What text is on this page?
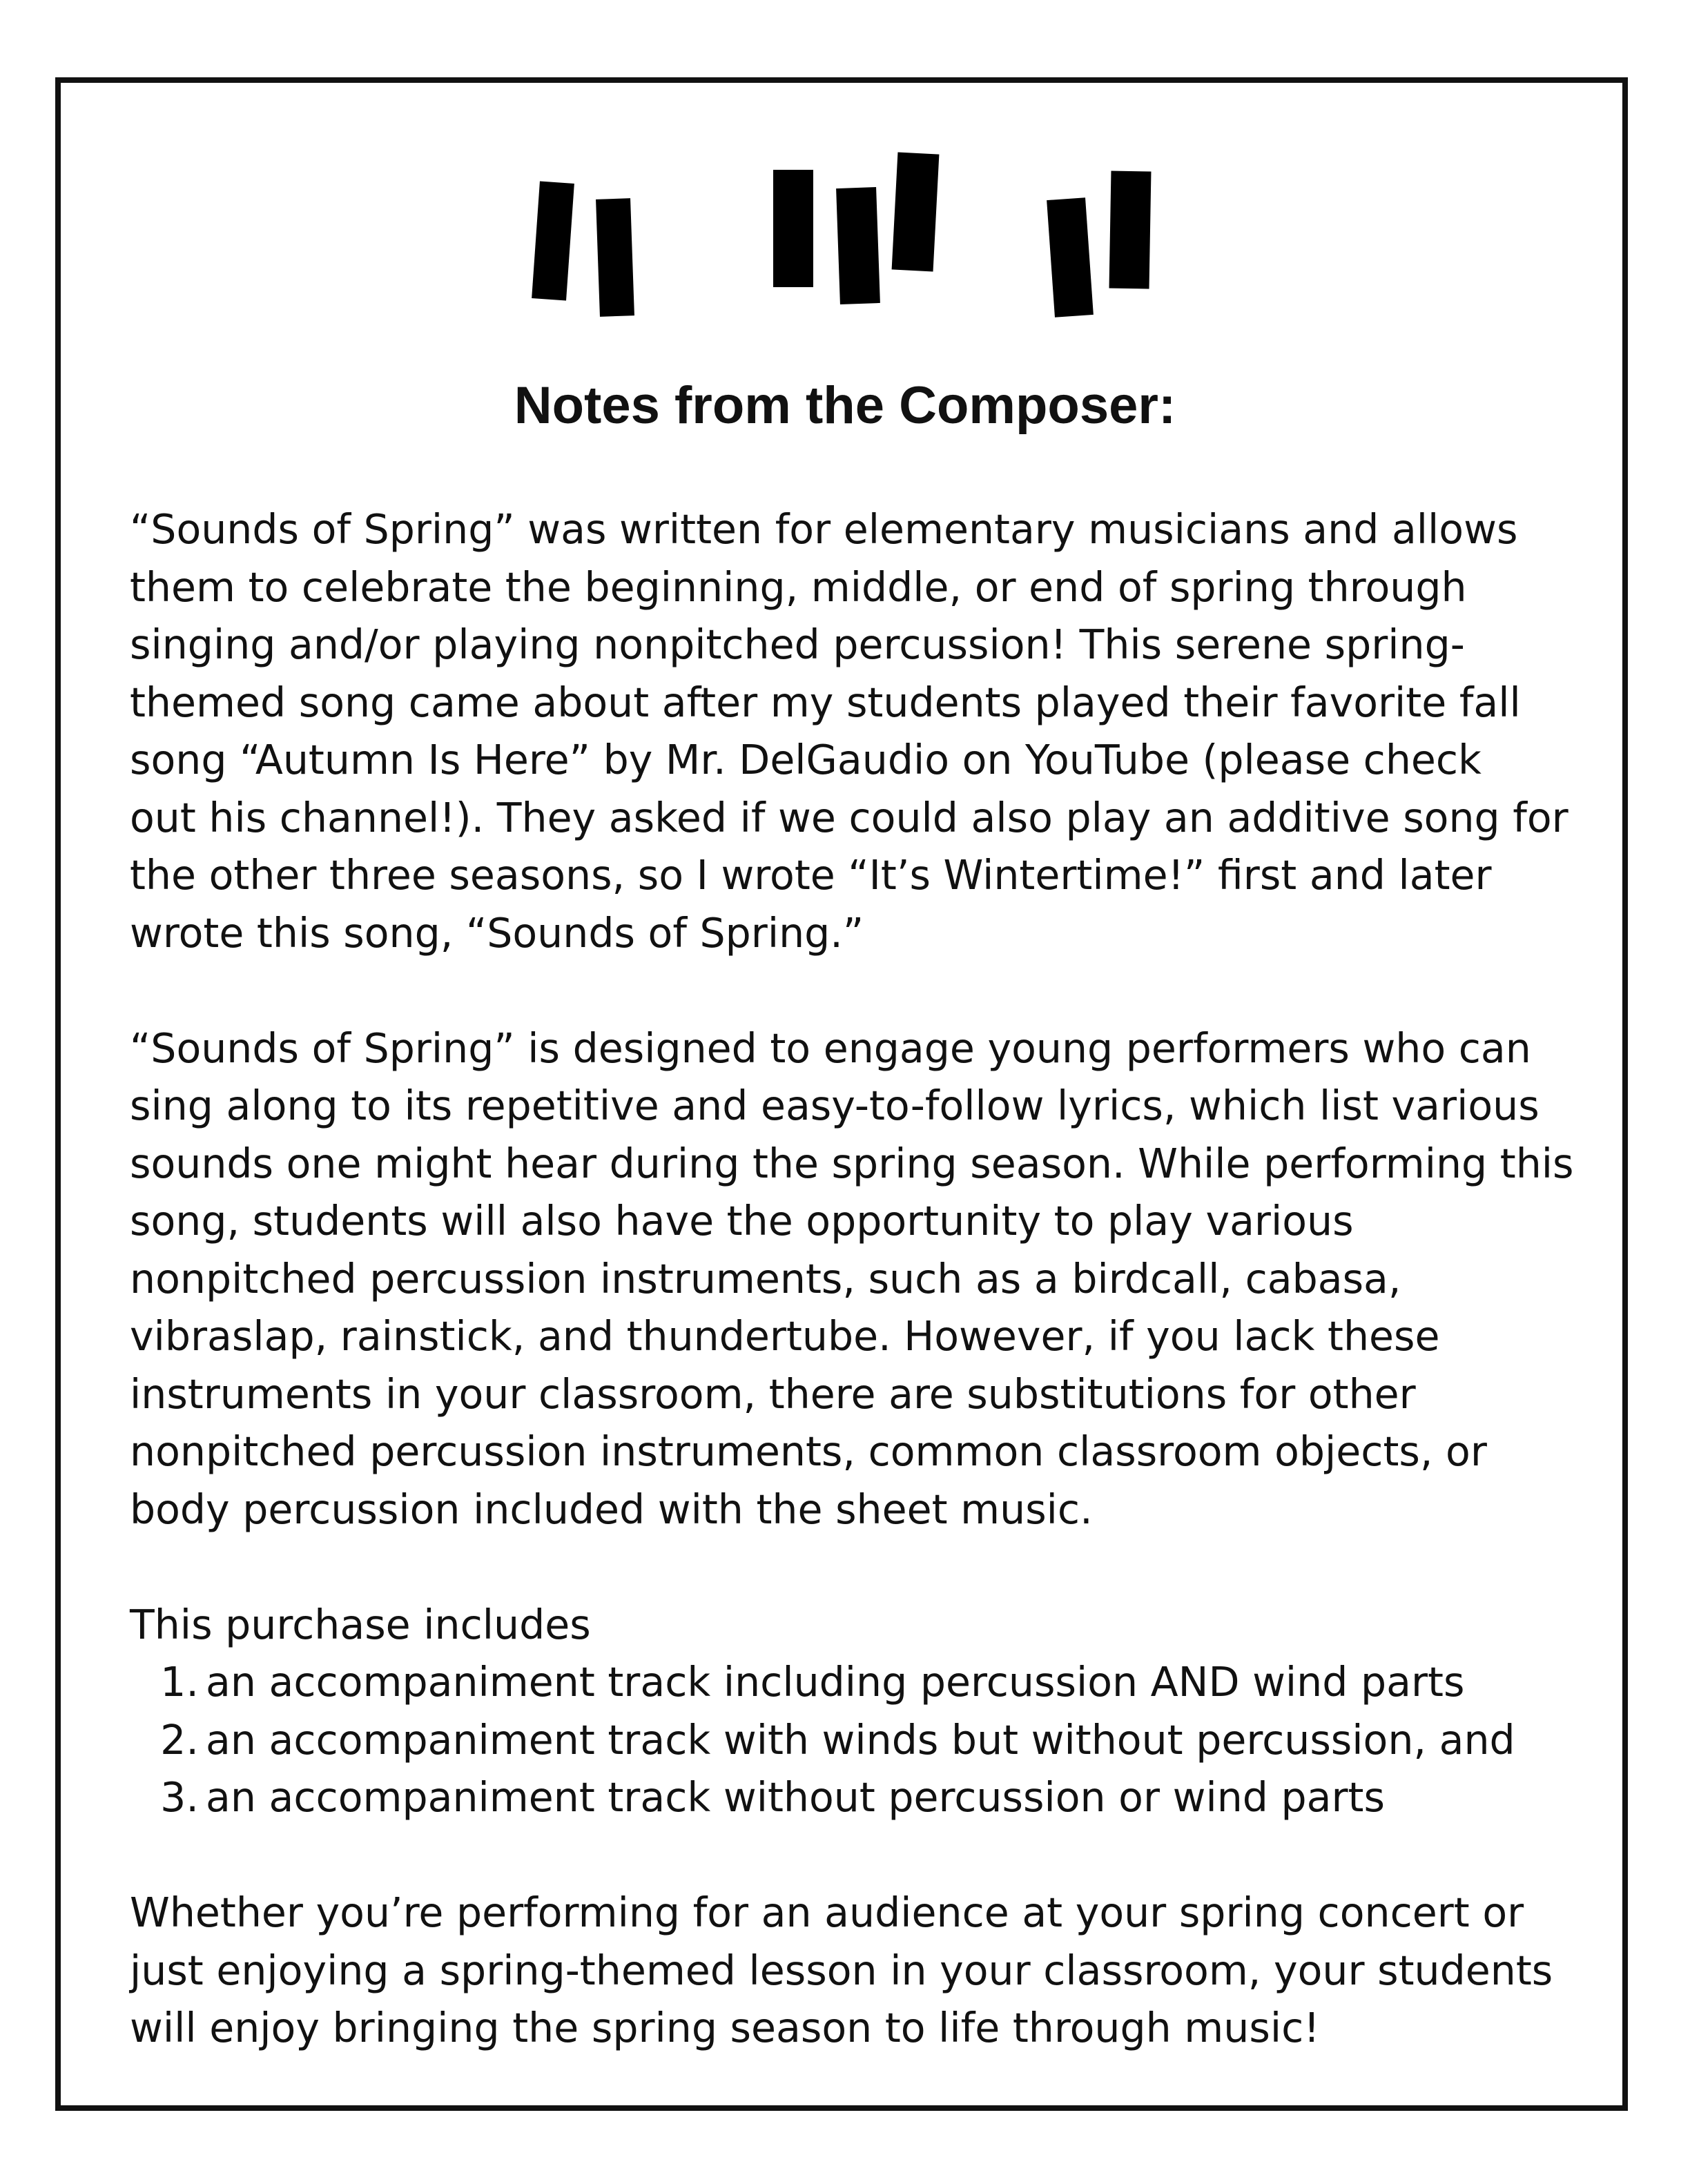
Notes from the Composer:

“Sounds of Spring” was written for elementary musicians and allows

them to celebrate the beginning, middle, or end of spring through

singing and/or playing nonpitched percussion! This serene spring-

themed song came about after my students played their favorite fall

song “Autumn Is Here” by Mr. DelGaudio on YouTube (please check

out his channel!). They asked if we could also play an additive song for

the other three seasons, so I wrote “It’s Wintertime!” first and later

wrote this song, “Sounds of Spring.”

“Sounds of Spring” is designed to engage young performers who can

sing along to its repetitive and easy-to-follow lyrics, which list various

sounds one might hear during the spring season. While performing this

song, students will also have the opportunity to play various

nonpitched percussion instruments, such as a birdcall, cabasa,

vibraslap, rainstick, and thundertube. However, if you lack these

instruments in your classroom, there are substitutions for other

nonpitched percussion instruments, common classroom objects, or

body percussion included with the sheet music.

This purchase includes

1. an accompaniment track including percussion AND wind parts
2. an accompaniment track with winds but without percussion, and
3. an accompaniment track without percussion or wind parts

Whether you’re performing for an audience at your spring concert or

just enjoying a spring-themed lesson in your classroom, your students

will enjoy bringing the spring season to life through music!
